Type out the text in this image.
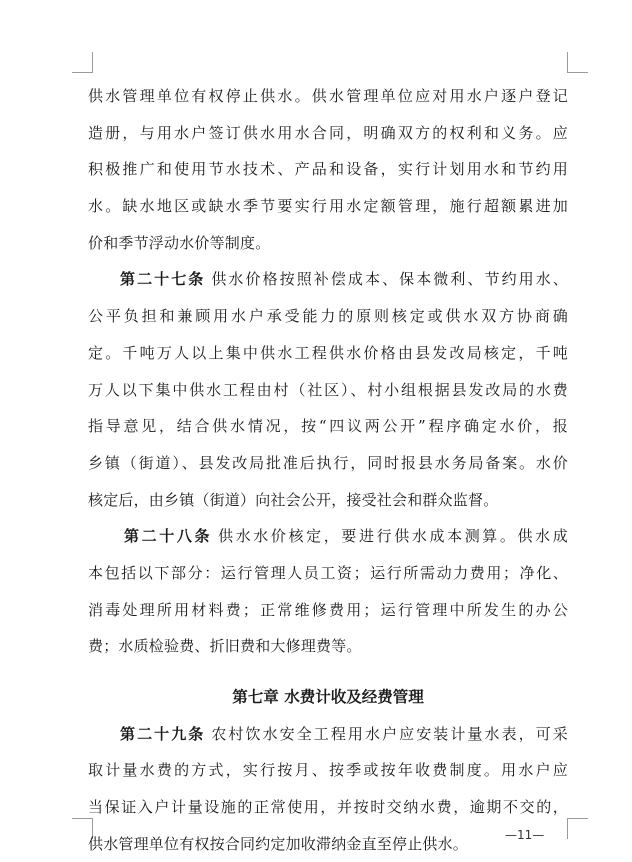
供水管理单位有权停止供水。供水管理单位应对用水户逐户登记
造册，与用水户签订供水用水合同，明确双方的权利和义务。应
积极推广和使用节水技术、产品和设备，实行计划用水和节约用
水。缺水地区或缺水季节要实行用水定额管理，施行超额累进加
价和季节浮动水价等制度。
第二十七条 供水价格按照补偿成本、保本微利、节约用水、
公平负担和兼顾用水户承受能力的原则核定或供水双方协商确
定。千吨万人以上集中供水工程供水价格由县发改局核定，千吨
万人以下集中供水工程由村（社区）、村小组根据县发改局的水费
指导意见，结合供水情况，按“四议两公开”程序确定水价，报
乡镇（街道）、县发改局批准后执行，同时报县水务局备案。水价
核定后，由乡镇（街道）向社会公开，接受社会和群众监督。
第二十八条 供水水价核定，要进行供水成本测算。供水成
本包括以下部分：运行管理人员工资；运行所需动力费用；净化、
消毒处理所用材料费；正常维修费用；运行管理中所发生的办公
费；水质检验费、折旧费和大修理费等。
第七章 水费计收及经费管理
第二十九条 农村饮水安全工程用水户应安装计量水表，可采
取计量水费的方式，实行按月、按季或按年收费制度。用水户应
当保证入户计量设施的正常使用，并按时交纳水费，逾期不交的，
供水管理单位有权按合同约定加收滞纳金直至停止供水。	—11—
